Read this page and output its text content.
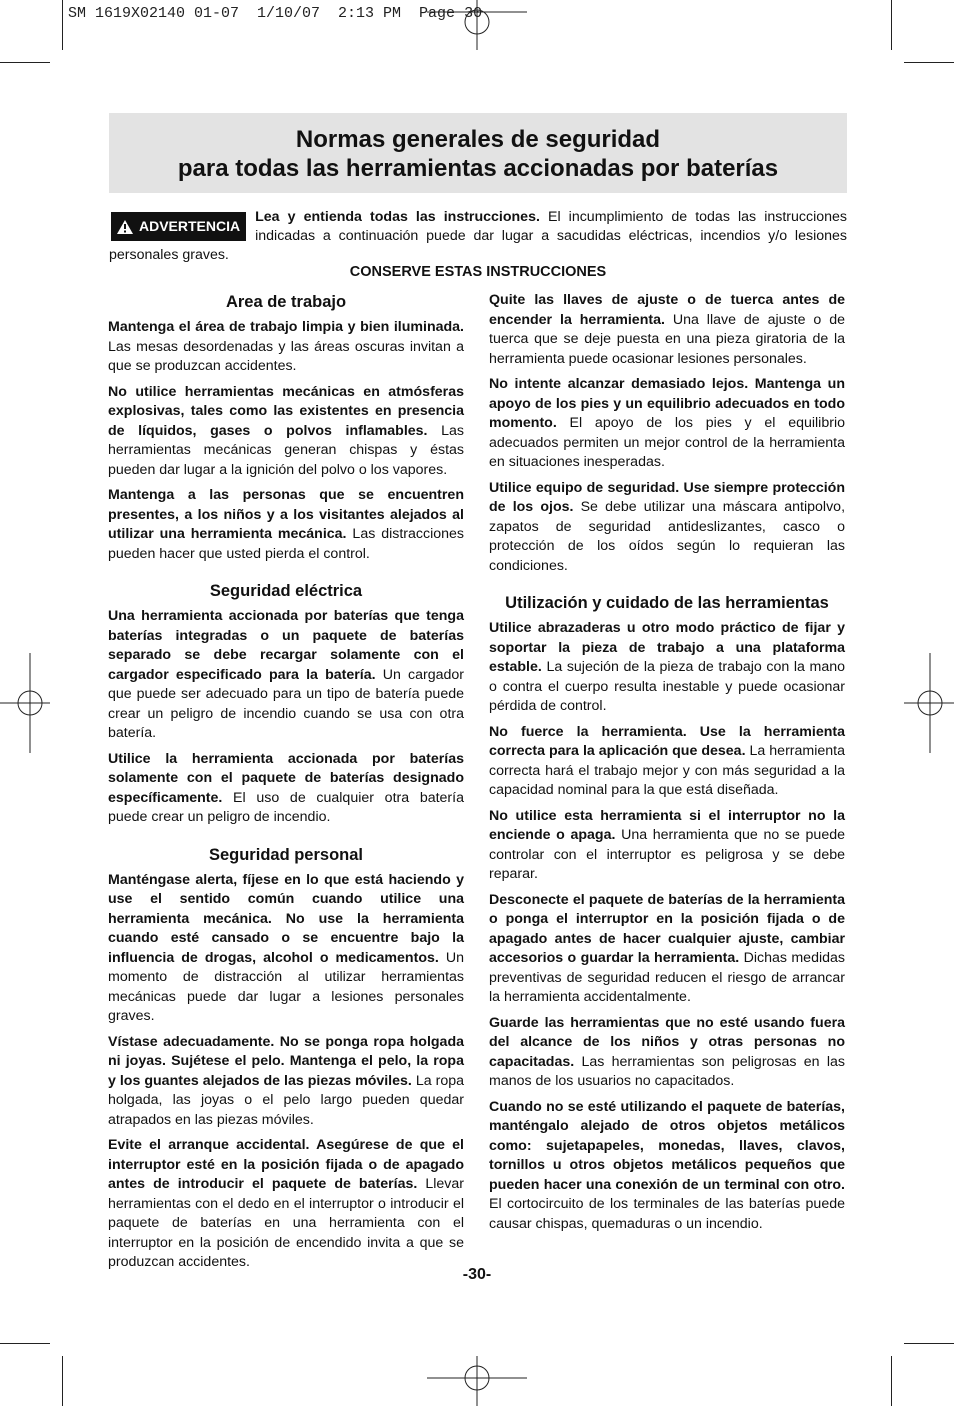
SM 1619X02140 01-07  1/10/07  2:13 PM  Page 30
Normas generales de seguridad
para todas las herramientas accionadas por baterías
ADVERTENCIA
Lea y entienda todas las instrucciones. El incumplimiento de todas las instrucciones indicadas a continuación puede dar lugar a sacudidas eléctricas, incendios y/o lesiones personales graves.
CONSERVE ESTAS INSTRUCCIONES
Area de trabajo

Mantenga el área de trabajo limpia y bien iluminada. Las mesas desordenadas y las áreas oscuras invitan a que se produzcan accidentes.

No utilice herramientas mecánicas en atmósferas explosivas, tales como las existentes en presencia de líquidos, gases o polvos inflamables. Las herramientas mecánicas generan chispas y éstas pueden dar lugar a la ignición del polvo o los vapores.

Mantenga a las personas que se encuentren presentes, a los niños y a los visitantes alejados al utilizar una herramienta mecánica. Las distracciones pueden hacer que usted pierda el control.

Seguridad eléctrica

Una herramienta accionada por baterías que tenga baterías integradas o un paquete de baterías separado se debe recargar solamente con el cargador especificado para la batería. Un cargador que puede ser adecuado para un tipo de batería puede crear un peligro de incendio cuando se usa con otra batería.

Utilice la herramienta accionada por baterías solamente con el paquete de baterías designado específicamente. El uso de cualquier otra batería puede crear un peligro de incendio.

Seguridad personal

Manténgase alerta, fíjese en lo que está haciendo y use el sentido común cuando utilice una herramienta mecánica. No use la herramienta cuando esté cansado o se encuentre bajo la influencia de drogas, alcohol o medicamentos. Un momento de distracción al utilizar herramientas mecánicas puede dar lugar a lesiones personales graves.

Vístase adecuadamente. No se ponga ropa holgada ni joyas. Sujétese el pelo. Mantenga el pelo, la ropa y los guantes alejados de las piezas móviles. La ropa holgada, las joyas o el pelo largo pueden quedar atrapados en las piezas móviles.

Evite el arranque accidental. Asegúrese de que el interruptor esté en la posición fijada o de apagado antes de introducir el paquete de baterías. Llevar herramientas con el dedo en el interruptor o introducir el paquete de baterías en una herramienta con el interruptor en la posición de encendido invita a que se produzcan accidentes.

Quite las llaves de ajuste o de tuerca antes de encender la herramienta. Una llave de ajuste o de tuerca que se deje puesta en una pieza giratoria de la herramienta puede ocasionar lesiones personales.

No intente alcanzar demasiado lejos. Mantenga un apoyo de los pies y un equilibrio adecuados en todo momento. El apoyo de los pies y el equilibrio adecuados permiten un mejor control de la herramienta en situaciones inesperadas.

Utilice equipo de seguridad. Use siempre protección de los ojos. Se debe utilizar una máscara antipolvo, zapatos de seguridad antideslizantes, casco o protección de los oídos según lo requieran las condiciones.

Utilización y cuidado de las herramientas

Utilice abrazaderas u otro modo práctico de fijar y soportar la pieza de trabajo a una plataforma estable. La sujeción de la pieza de trabajo con la mano o contra el cuerpo resulta inestable y puede ocasionar pérdida de control.

No fuerce la herramienta. Use la herramienta correcta para la aplicación que desea. La herramienta correcta hará el trabajo mejor y con más seguridad a la capacidad nominal para la que está diseñada.

No utilice esta herramienta si el interruptor no la enciende o apaga. Una herramienta que no se puede controlar con el interruptor es peligrosa y se debe reparar.

Desconecte el paquete de baterías de la herramienta o ponga el interruptor en la posición fijada o de apagado antes de hacer cualquier ajuste, cambiar accesorios o guardar la herramienta. Dichas medidas preventivas de seguridad reducen el riesgo de arrancar la herramienta accidentalmente.

Guarde las herramientas que no esté usando fuera del alcance de los niños y otras personas no capacitadas. Las herramientas son peligrosas en las manos de los usuarios no capacitados.

Cuando no se esté utilizando el paquete de baterías, manténgalo alejado de otros objetos metálicos como: sujetapapeles, monedas, llaves, clavos, tornillos u otros objetos metálicos pequeños que pueden hacer una conexión de un terminal con otro. El cortocircuito de los terminales de las baterías puede causar chispas, quemaduras o un incendio.

-30-
